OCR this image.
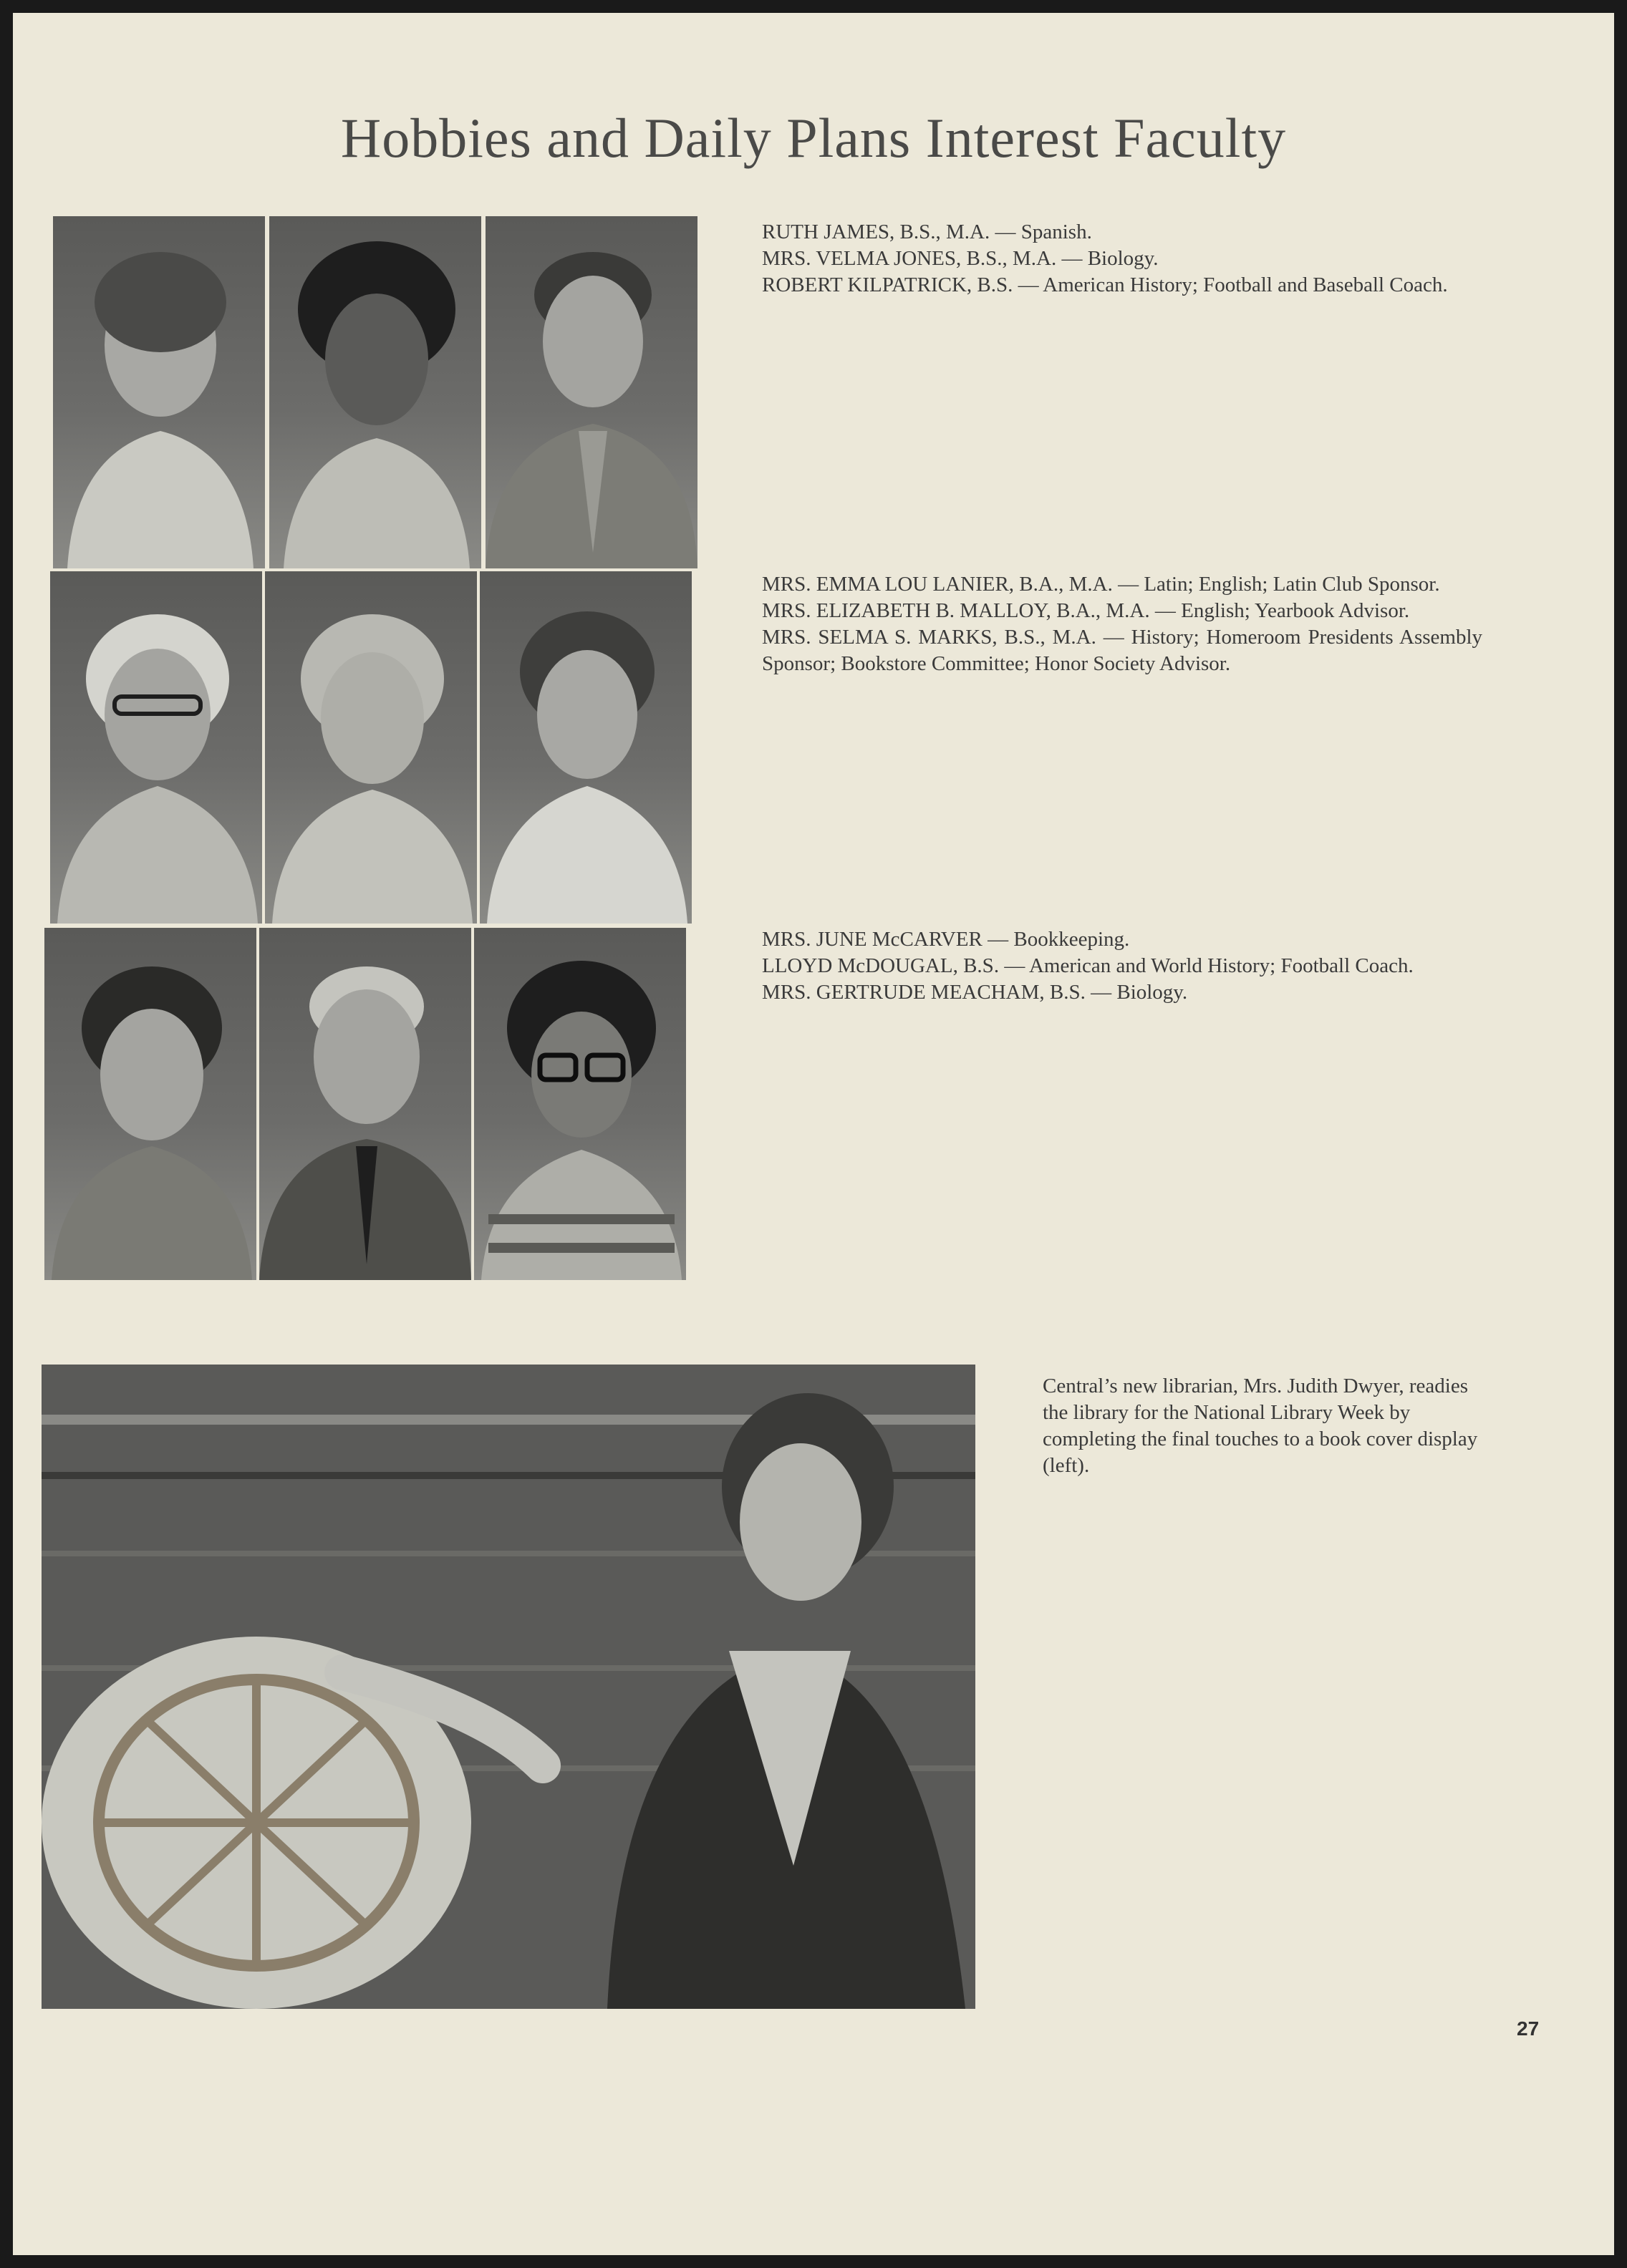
Hobbies and Daily Plans Interest Faculty

RUTH JAMES, B.S., M.A. — Spanish.

MRS. VELMA JONES, B.S., M.A. — Biology.

ROBERT KILPATRICK, B.S. — American History; Football and Baseball Coach.

MRS. EMMA LOU LANIER, B.A., M.A. — Latin; English; Latin Club Sponsor.

MRS. ELIZABETH B. MALLOY, B.A., M.A. — English; Yearbook Advisor.

MRS. SELMA S. MARKS, B.S., M.A. — History; Homeroom Presidents Assembly Sponsor; Bookstore Committee; Honor Society Advisor.

MRS. JUNE McCARVER — Bookkeeping.

LLOYD McDOUGAL, B.S. — American and World History; Football Coach.

MRS. GERTRUDE MEACHAM, B.S. — Biology.

Central’s new librarian, Mrs. Judith Dwyer, readies the library for the National Library Week by completing the final touches to a book cover display (left).
27
